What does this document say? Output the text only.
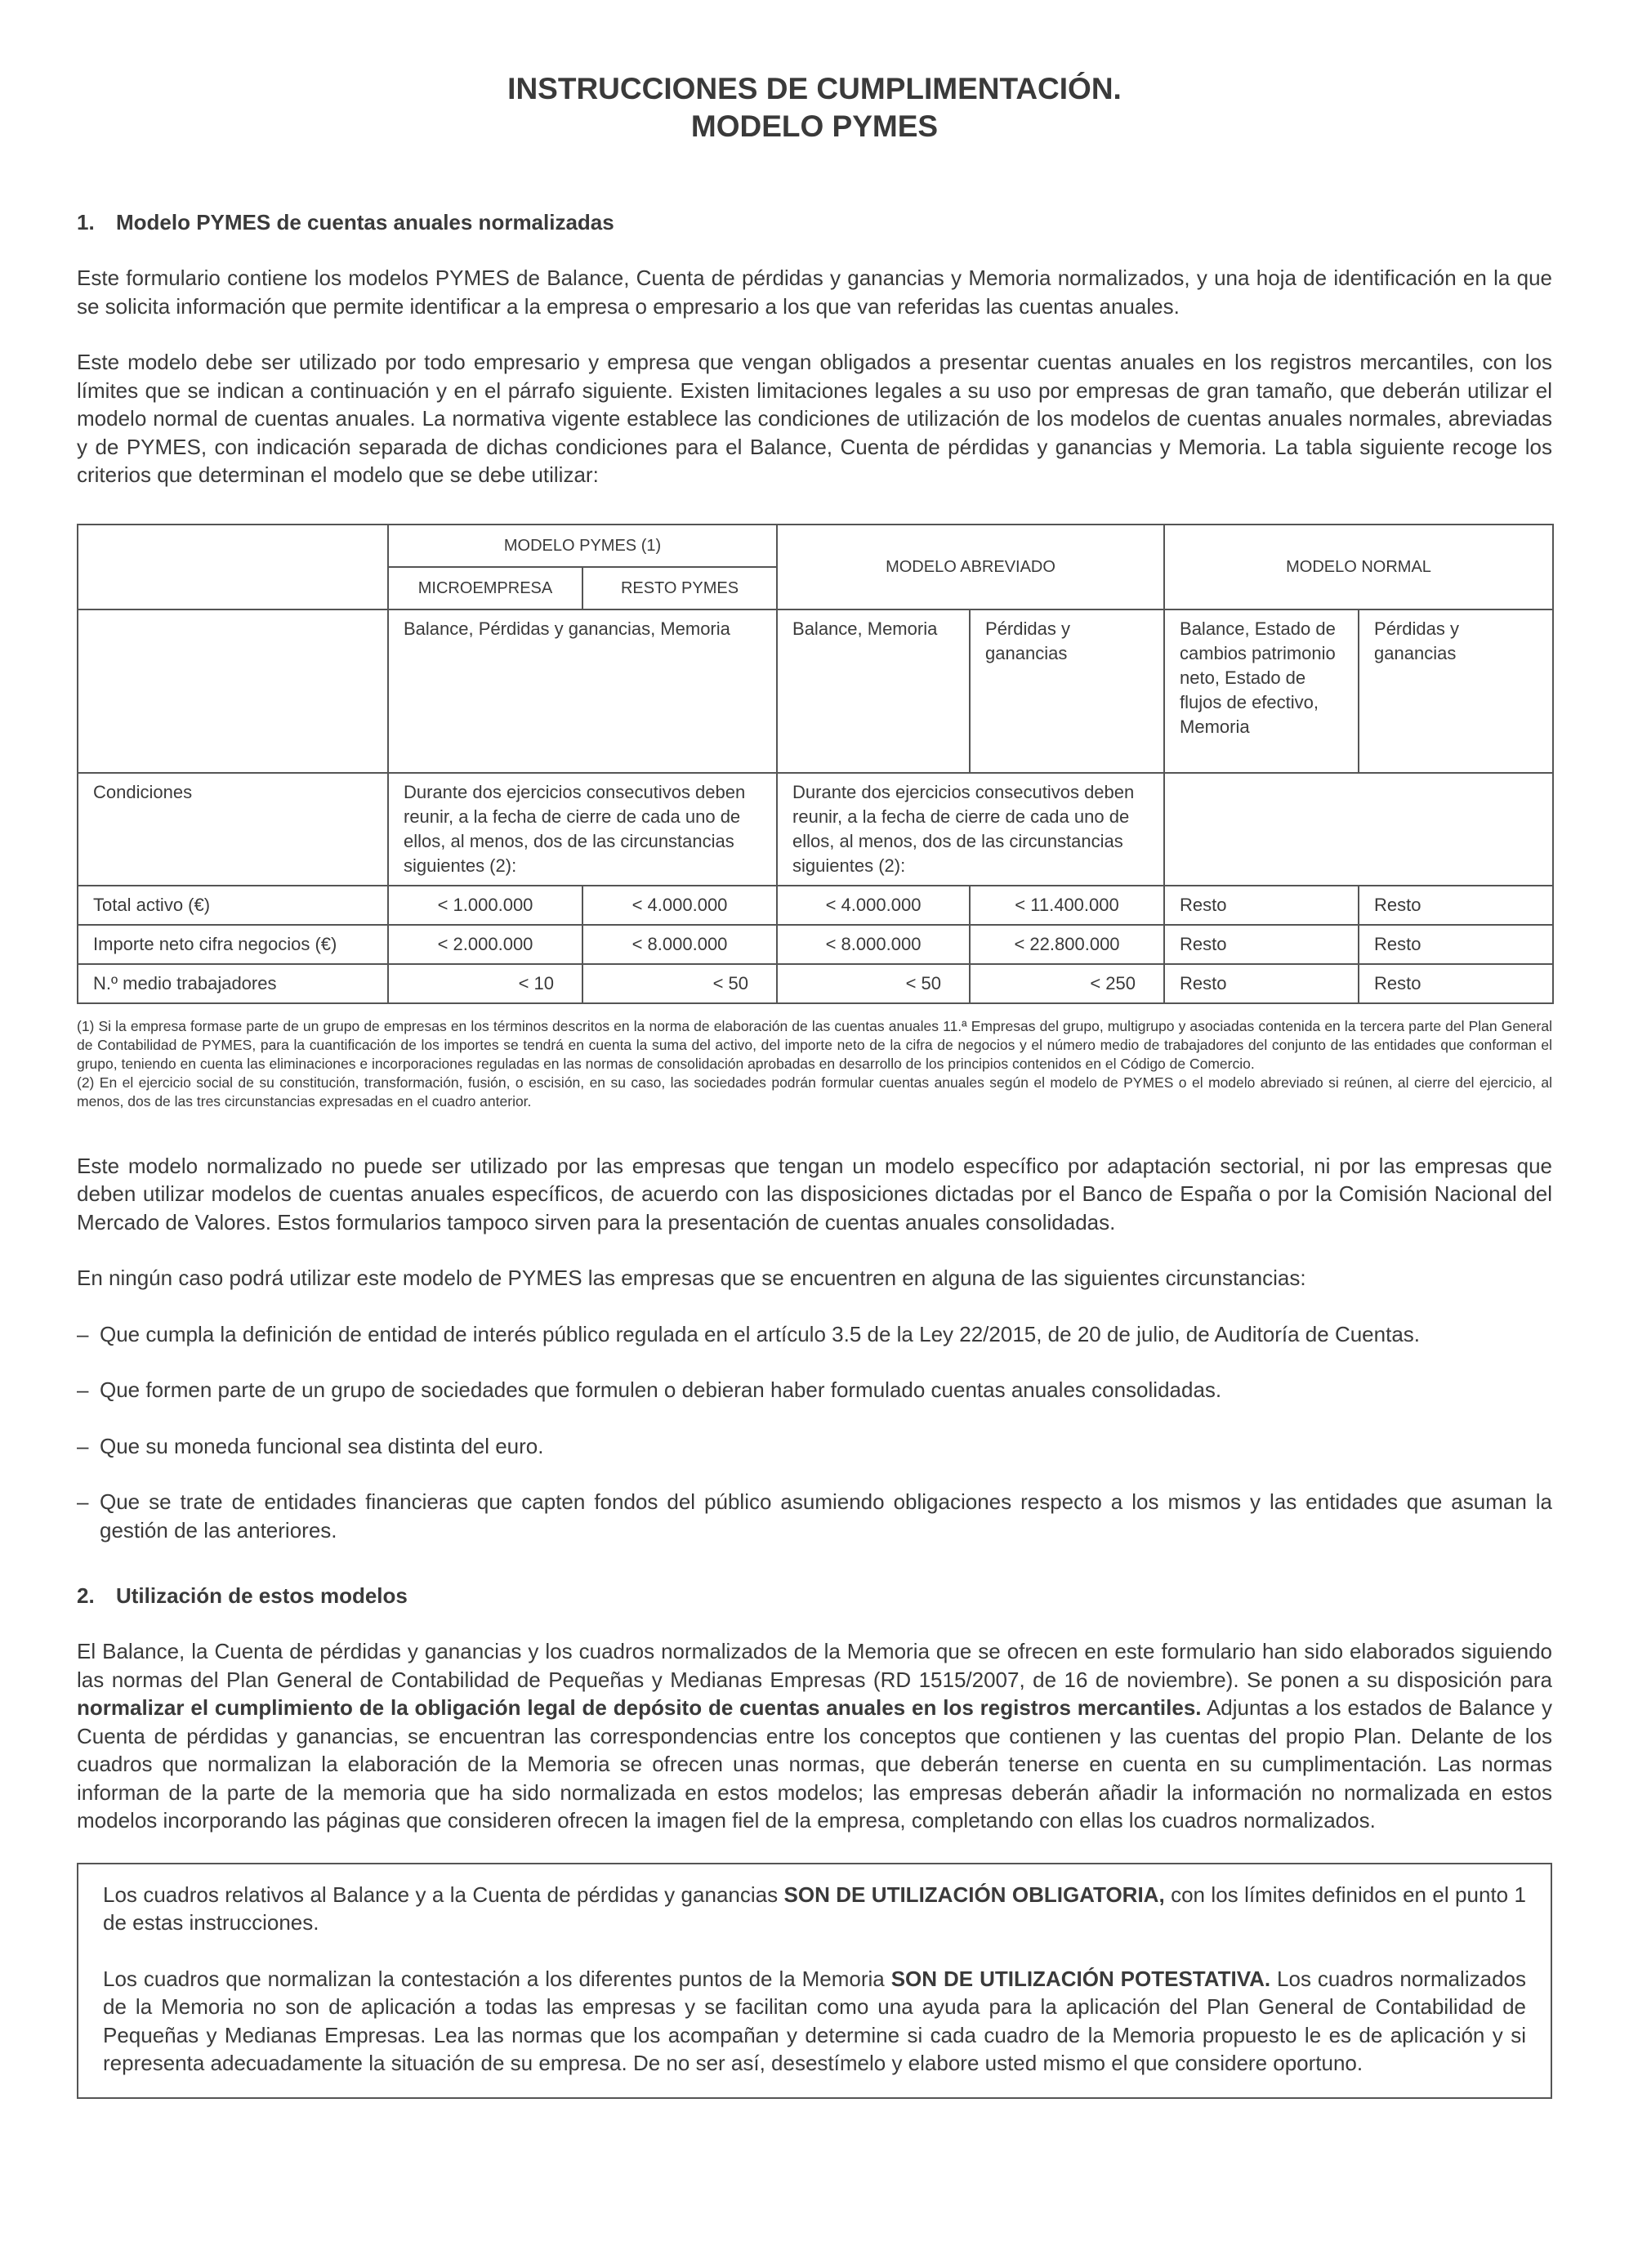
INSTRUCCIONES DE CUMPLIMENTACIÓN.
MODELO PYMES
1. Modelo PYMES de cuentas anuales normalizadas

Este formulario contiene los modelos PYMES de Balance, Cuenta de pérdidas y ganancias y Memoria normalizados, y una hoja de identificación en la que se solicita información que permite identificar a la empresa o empresario a los que van referidas las cuentas anuales.

Este modelo debe ser utilizado por todo empresario y empresa que vengan obligados a presentar cuentas anuales en los registros mercantiles, con los límites que se indican a continuación y en el párrafo siguiente. Existen limitaciones legales a su uso por empresas de gran tamaño, que deberán utilizar el modelo normal de cuentas anuales. La normativa vigente establece las condiciones de utilización de los modelos de cuentas anuales normales, abreviadas y de PYMES, con indicación separada de dichas condiciones para el Balance, Cuenta de pérdidas y ganancias y Memoria. La tabla siguiente recoge los criterios que determinan el modelo que se debe utilizar:

	MODELO PYMES (1)		MODELO ABREVIADO		MODELO NORMAL	
	MICROEMPRESA	RESTO PYMES				
	Balance, Pérdidas y ganancias, Memoria		Balance, Memoria	Pérdidas y ganancias	Balance, Estado de cambios patrimonio neto, Estado de flujos de efectivo, Memoria	Pérdidas y ganancias
Condiciones	Durante dos ejercicios consecutivos deben reunir, a la fecha de cierre de cada uno de ellos, al menos, dos de las circunstancias siguientes (2):		Durante dos ejercicios consecutivos deben reunir, a la fecha de cierre de cada uno de ellos, al menos, dos de las circunstancias siguientes (2):			
Total activo (€)	< 1.000.000	< 4.000.000	< 4.000.000	< 11.400.000	Resto	Resto
Importe neto cifra negocios (€)	< 2.000.000	< 8.000.000	< 8.000.000	< 22.800.000	Resto	Resto
N.º medio trabajadores	< 10	< 50	< 50	< 250	Resto	Resto
(1) Si la empresa formase parte de un grupo de empresas en los términos descritos en la norma de elaboración de las cuentas anuales 11.ª Empresas del grupo, multigrupo y asociadas contenida en la tercera parte del Plan General de Contabilidad de PYMES, para la cuantificación de los importes se tendrá en cuenta la suma del activo, del importe neto de la cifra de negocios y el número medio de trabajadores del conjunto de las entidades que conforman el grupo, teniendo en cuenta las eliminaciones e incorporaciones reguladas en las normas de consolidación aprobadas en desarrollo de los principios contenidos en el Código de Comercio.
(2) En el ejercicio social de su constitución, transformación, fusión, o escisión, en su caso, las sociedades podrán formular cuentas anuales según el modelo de PYMES o el modelo abreviado si reúnen, al cierre del ejercicio, al menos, dos de las tres circunstancias expresadas en el cuadro anterior.

Este modelo normalizado no puede ser utilizado por las empresas que tengan un modelo específico por adaptación sectorial, ni por las empresas que deben utilizar modelos de cuentas anuales específicos, de acuerdo con las disposiciones dictadas por el Banco de España o por la Comisión Nacional del Mercado de Valores. Estos formularios tampoco sirven para la presentación de cuentas anuales consolidadas.

En ningún caso podrá utilizar este modelo de PYMES las empresas que se encuentren en alguna de las siguientes circunstancias:

– Que cumpla la definición de entidad de interés público regulada en el artículo 3.5 de la Ley 22/2015, de 20 de julio, de Auditoría de Cuentas.
– Que formen parte de un grupo de sociedades que formulen o debieran haber formulado cuentas anuales consolidadas.
– Que su moneda funcional sea distinta del euro.
– Que se trate de entidades financieras que capten fondos del público asumiendo obligaciones respecto a los mismos y las entidades que asuman la gestión de las anteriores.
2. Utilización de estos modelos

El Balance, la Cuenta de pérdidas y ganancias y los cuadros normalizados de la Memoria que se ofrecen en este formulario han sido elaborados siguiendo las normas del Plan General de Contabilidad de Pequeñas y Medianas Empresas (RD 1515/2007, de 16 de noviembre). Se ponen a su disposición para normalizar el cumplimiento de la obligación legal de depósito de cuentas anuales en los registros mercantiles. Adjuntas a los estados de Balance y Cuenta de pérdidas y ganancias, se encuentran las correspondencias entre los conceptos que contienen y las cuentas del propio Plan. Delante de los cuadros que normalizan la elaboración de la Memoria se ofrecen unas normas, que deberán tenerse en cuenta en su cumplimentación. Las normas informan de la parte de la memoria que ha sido normalizada en estos modelos; las empresas deberán añadir la información no normalizada en estos modelos incorporando las páginas que consideren ofrecen la imagen fiel de la empresa, completando con ellas los cuadros normalizados.

Los cuadros relativos al Balance y a la Cuenta de pérdidas y ganancias SON DE UTILIZACIÓN OBLIGATORIA, con los límites definidos en el punto 1 de estas instrucciones.

Los cuadros que normalizan la contestación a los diferentes puntos de la Memoria SON DE UTILIZACIÓN POTESTATIVA. Los cuadros normalizados de la Memoria no son de aplicación a todas las empresas y se facilitan como una ayuda para la aplicación del Plan General de Contabilidad de Pequeñas y Medianas Empresas. Lea las normas que los acompañan y determine si cada cuadro de la Memoria propuesto le es de aplicación y si representa adecuadamente la situación de su empresa. De no ser así, desestímelo y elabore usted mismo el que considere oportuno.
